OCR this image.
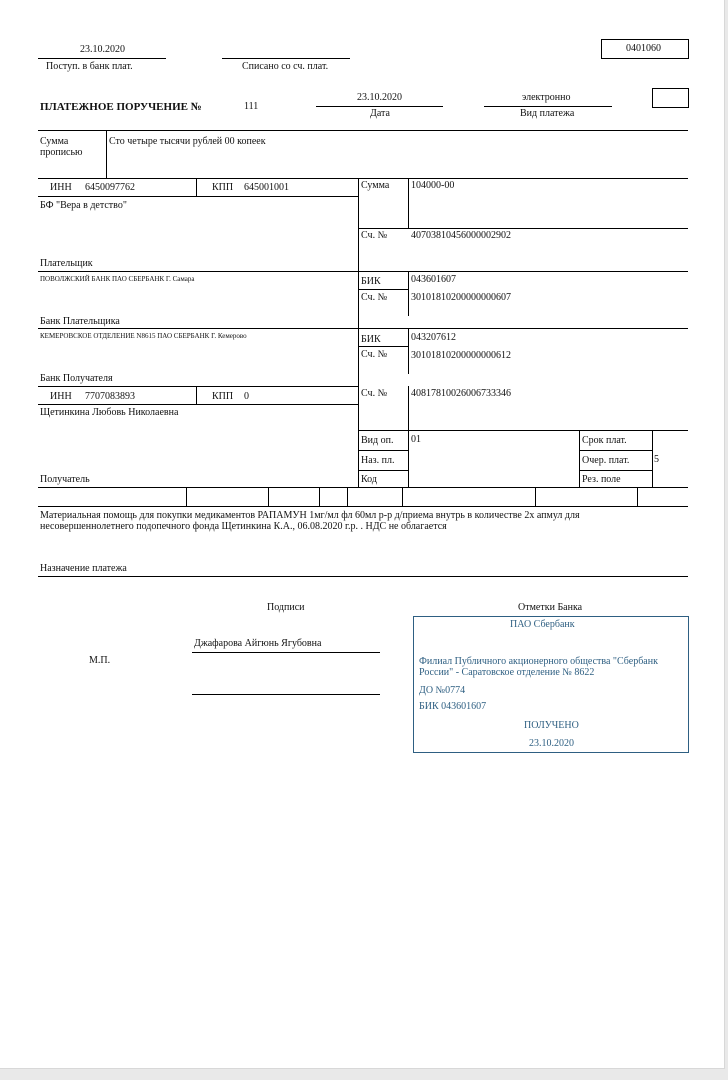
23.10.2020
Поступ. в банк плат.	Списано со сч. плат.
0401060
ПЛАТЕЖНОЕ ПОРУЧЕНИЕ №	111
23.10.2020
Дата
электронно
Вид платежа
Сумма
прописью
Сто четыре тысячи рублей 00 копеек
ИНН 6450097762	КПП 645001001
БФ "Вера в детство"
Плательщик
Сумма 104000-00
Сч. № 40703810456000002902
ПОВОЛЖСКИЙ БАНК ПАО СБЕРБАНК Г. Самара
Банк Плательщика
БИК	043601607
Сч. № 30101810200000000607
КЕМЕРОВСКОЕ ОТДЕЛЕНИЕ N8615 ПАО СБЕРБАНК Г. Кемерово
Банк Получателя
БИК	043207612
Сч. № 30101810200000000612
ИНН 7707083893	КПП 0
Щетинкина Любовь Николаевна
Получатель
Сч. № 40817810026006733346
Вид оп. 01
Наз. пл.
Код
Срок плат.
Очер. плат. 5
Рез. поле
Материальная помощь для покупки медикаментов РАПАМУН 1мг/мл фл 60мл р-р д/приема внутрь в количестве 2х апмул для
несовершеннолетнего подопечного фонда Щетинкина К.А., 06.08.2020 г.р. . НДС не облагается
Назначение платежа
Подписи
Джафарова Айгюнь Ягубовна
М.П.
Отметки Банка
ПАО Сбербанк
Филиал Публичного акционерного общества "Сбербанк
России" - Саратовское отделение № 8622
ДО №0774
БИК 043601607
ПОЛУЧЕНО
23.10.2020
